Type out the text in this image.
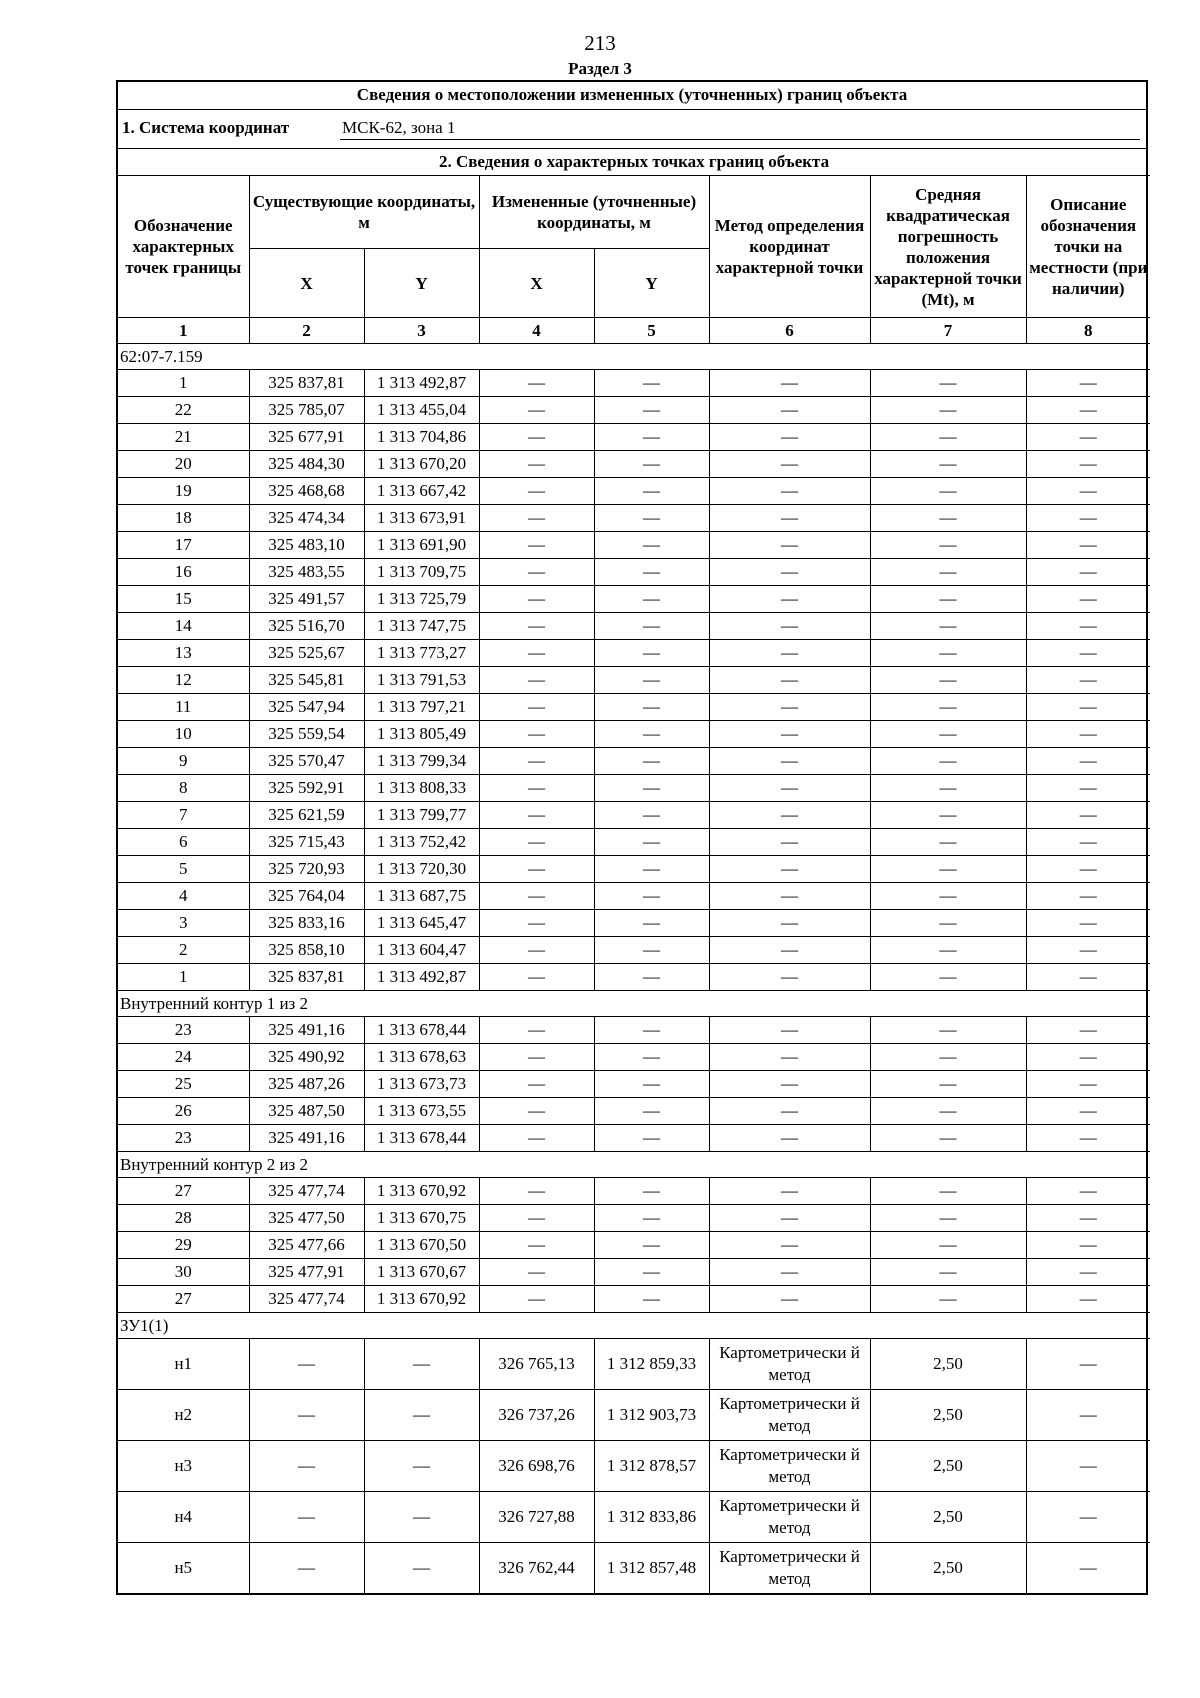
213
Раздел 3
Сведения о местоположении измененных (уточненных) границ объекта
1. Система координат	МСК-62, зона 1
2. Сведения о характерных точках границ объекта							
Обозначение характерных точек границы	Существующие координаты, м		Измененные (уточненные) координаты, м		Метод определения координат характерной точки	Средняя квадратическая погрешность положения характерной точки (Mt), м	Описание обозначения точки на местности (при наличии)
	X	Y	X	Y			
1	2	3	4	5	6	7	8
62:07-7.159							
1	325 837,81	1 313 492,87	—	—	—	—	—
22	325 785,07	1 313 455,04	—	—	—	—	—
21	325 677,91	1 313 704,86	—	—	—	—	—
20	325 484,30	1 313 670,20	—	—	—	—	—
19	325 468,68	1 313 667,42	—	—	—	—	—
18	325 474,34	1 313 673,91	—	—	—	—	—
17	325 483,10	1 313 691,90	—	—	—	—	—
16	325 483,55	1 313 709,75	—	—	—	—	—
15	325 491,57	1 313 725,79	—	—	—	—	—
14	325 516,70	1 313 747,75	—	—	—	—	—
13	325 525,67	1 313 773,27	—	—	—	—	—
12	325 545,81	1 313 791,53	—	—	—	—	—
11	325 547,94	1 313 797,21	—	—	—	—	—
10	325 559,54	1 313 805,49	—	—	—	—	—
9	325 570,47	1 313 799,34	—	—	—	—	—
8	325 592,91	1 313 808,33	—	—	—	—	—
7	325 621,59	1 313 799,77	—	—	—	—	—
6	325 715,43	1 313 752,42	—	—	—	—	—
5	325 720,93	1 313 720,30	—	—	—	—	—
4	325 764,04	1 313 687,75	—	—	—	—	—
3	325 833,16	1 313 645,47	—	—	—	—	—
2	325 858,10	1 313 604,47	—	—	—	—	—
1	325 837,81	1 313 492,87	—	—	—	—	—
Внутренний контур 1 из 2							
23	325 491,16	1 313 678,44	—	—	—	—	—
24	325 490,92	1 313 678,63	—	—	—	—	—
25	325 487,26	1 313 673,73	—	—	—	—	—
26	325 487,50	1 313 673,55	—	—	—	—	—
23	325 491,16	1 313 678,44	—	—	—	—	—
Внутренний контур 2 из 2							
27	325 477,74	1 313 670,92	—	—	—	—	—
28	325 477,50	1 313 670,75	—	—	—	—	—
29	325 477,66	1 313 670,50	—	—	—	—	—
30	325 477,91	1 313 670,67	—	—	—	—	—
27	325 477,74	1 313 670,92	—	—	—	—	—
ЗУ1(1)							
н1	—	—	326 765,13	1 312 859,33	Картометрически й метод	2,50	—
н2	—	—	326 737,26	1 312 903,73	Картометрически й метод	2,50	—
н3	—	—	326 698,76	1 312 878,57	Картометрически й метод	2,50	—
н4	—	—	326 727,88	1 312 833,86	Картометрически й метод	2,50	—
н5	—	—	326 762,44	1 312 857,48	Картометрически й метод	2,50	—
